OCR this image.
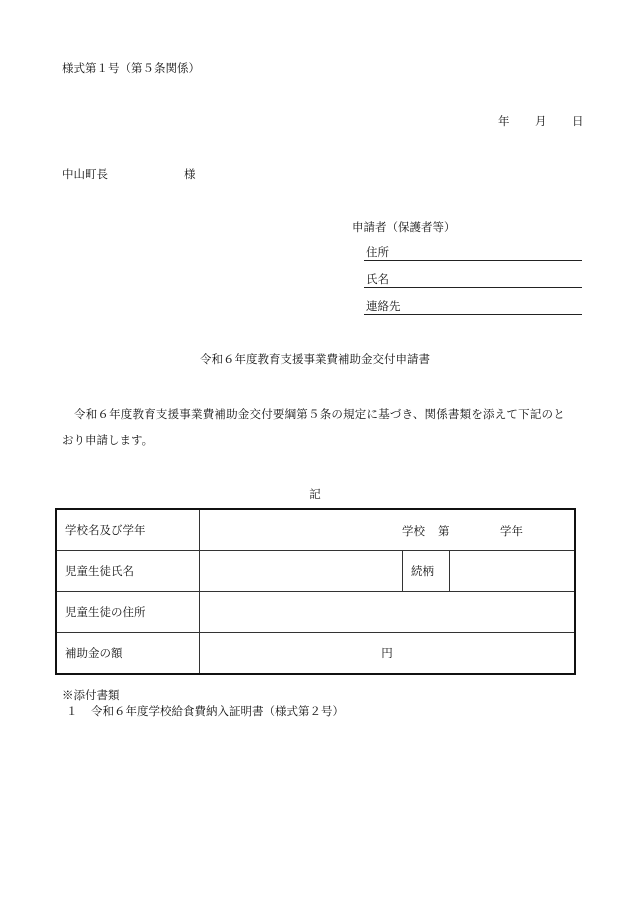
様式第１号（第５条関係）
年 月 日
中山町長	様
申請者（保護者等）
住所
氏名
連絡先
令和６年度教育支援事業費補助金交付申請書
令和６年度教育支援事業費補助金交付要綱第５条の規定に基づき、関係書類を添えて下記のと
おり申請します。
記
学校名及び学年	学校 第 学年		

児童生徒氏名		続柄	
児童生徒の住所			
補助金の額	円		
※添付書類
１ 令和６年度学校給食費納入証明書（様式第２号）
